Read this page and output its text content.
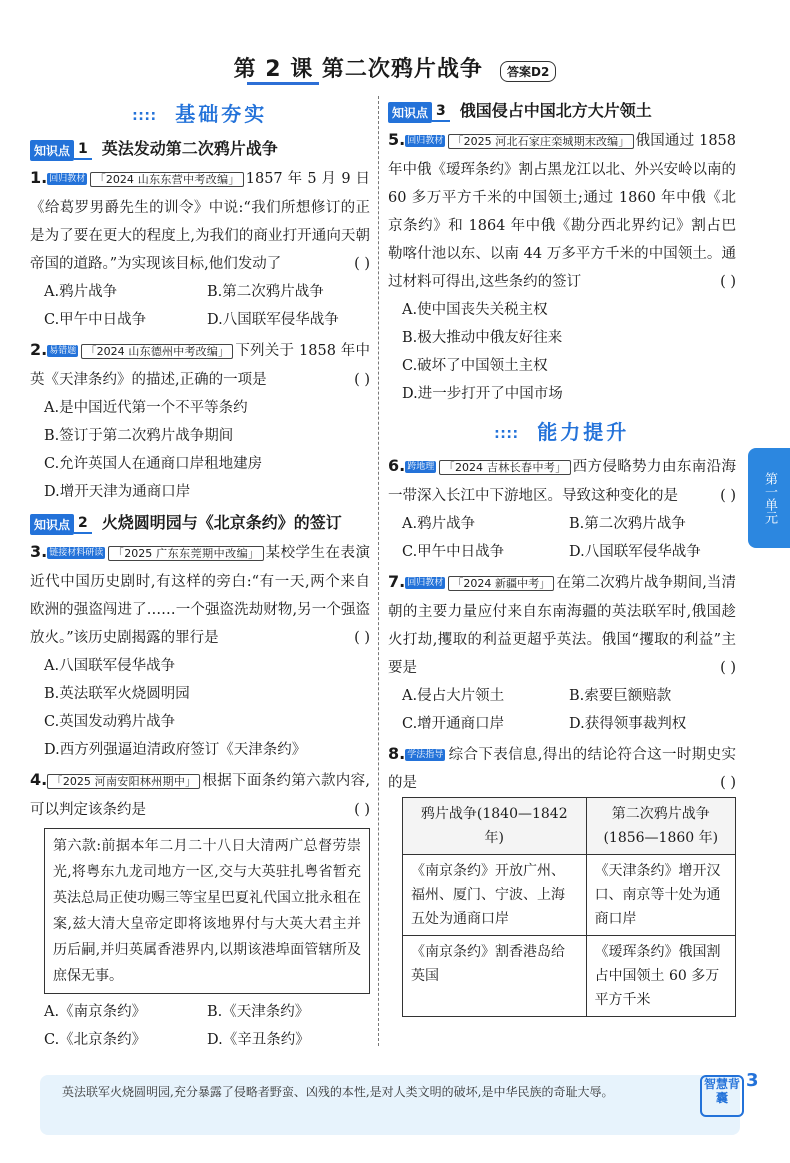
第 2 课 第二次鸦片战争 答案D2
∶∶∶∶ 基础夯实
知识点 1 英法发动第二次鸦片战争
1. 回归教材 「2024 山东东营中考改编」 1857 年 5 月 9 日《给葛罗男爵先生的训令》中说:“我们所想修订的正是为了要在更大的程度上,为我们的商业打开通向天朝帝国的道路。”为实现该目标,他们发动了	( )
A.鸦片战争	B.第二次鸦片战争
C.甲午中日战争	D.八国联军侵华战争
2. 易错题 「2024 山东德州中考改编」 下列关于 1858 年中英《天津条约》的描述,正确的一项是	( )
A.是中国近代第一个不平等条约
B.签订于第二次鸦片战争期间
C.允许英国人在通商口岸租地建房
D.增开天津为通商口岸
知识点 2 火烧圆明园与《北京条约》的签订
3. 链接材料研读 「2025 广东东莞期中改编」 某校学生在表演近代中国历史剧时,有这样的旁白:“有一天,两个来自欧洲的强盗闯进了……一个强盗洗劫财物,另一个强盗放火。”该历史剧揭露的罪行是	( )
A.八国联军侵华战争
B.英法联军火烧圆明园
C.英国发动鸦片战争
D.西方列强逼迫清政府签订《天津条约》
4. 「2025 河南安阳林州期中」 根据下面条约第六款内容,可以判定该条约是	( )
第六款:前据本年二月二十八日大清两广总督劳崇光,将粤东九龙司地方一区,交与大英驻扎粤省暂充英法总局正使功赐三等宝星巴夏礼代国立批永租在案,兹大清大皇帝定即将该地界付与大英大君主并历后嗣,并归英属香港界内,以期该港埠面管辖所及庶保无事。
A.《南京条约》	B.《天津条约》
C.《北京条约》	D.《辛丑条约》
知识点 3 俄国侵占中国北方大片领土
5. 回归教材 「2025 河北石家庄栾城期末改编」 俄国通过 1858 年中俄《瑷珲条约》割占黑龙江以北、外兴安岭以南的 60 多万平方千米的中国领土;通过 1860 年中俄《北京条约》和 1864 年中俄《勘分西北界约记》割占巴勒喀什池以东、以南 44 万多平方千米的中国领土。通过材料可得出,这些条约的签订	( )
A.使中国丧失关税主权
B.极大推动中俄友好往来
C.破坏了中国领土主权
D.进一步打开了中国市场
∶∶∶∶ 能力提升
6. 跨地理 「2024 吉林长春中考」 西方侵略势力由东南沿海一带深入长江中下游地区。导致这种变化的是	( )
A.鸦片战争	B.第二次鸦片战争
C.甲午中日战争	D.八国联军侵华战争
7. 回归教材 「2024 新疆中考」 在第二次鸦片战争期间,当清朝的主要力量应付来自东南海疆的英法联军时,俄国趁火打劫,攫取的利益更超乎英法。俄国“攫取的利益”主要是	( )
A.侵占大片领土	B.索要巨额赔款
C.增开通商口岸	D.获得领事裁判权
8. 学法指导 综合下表信息,得出的结论符合这一时期史实的是	( )
鸦片战争(1840—1842 年)	第二次鸦片战争(1856—1860 年)
《南京条约》开放广州、福州、厦门、宁波、上海五处为通商口岸	《天津条约》增开汉口、南京等十处为通商口岸
《南京条约》割香港岛给英国	《瑷珲条约》俄国割占中国领土 60 多万平方千米
第一单元
英法联军火烧圆明园,充分暴露了侵略者野蛮、凶残的本性,是对人类文明的破坏,是中华民族的奇耻大辱。
智慧背囊
3
